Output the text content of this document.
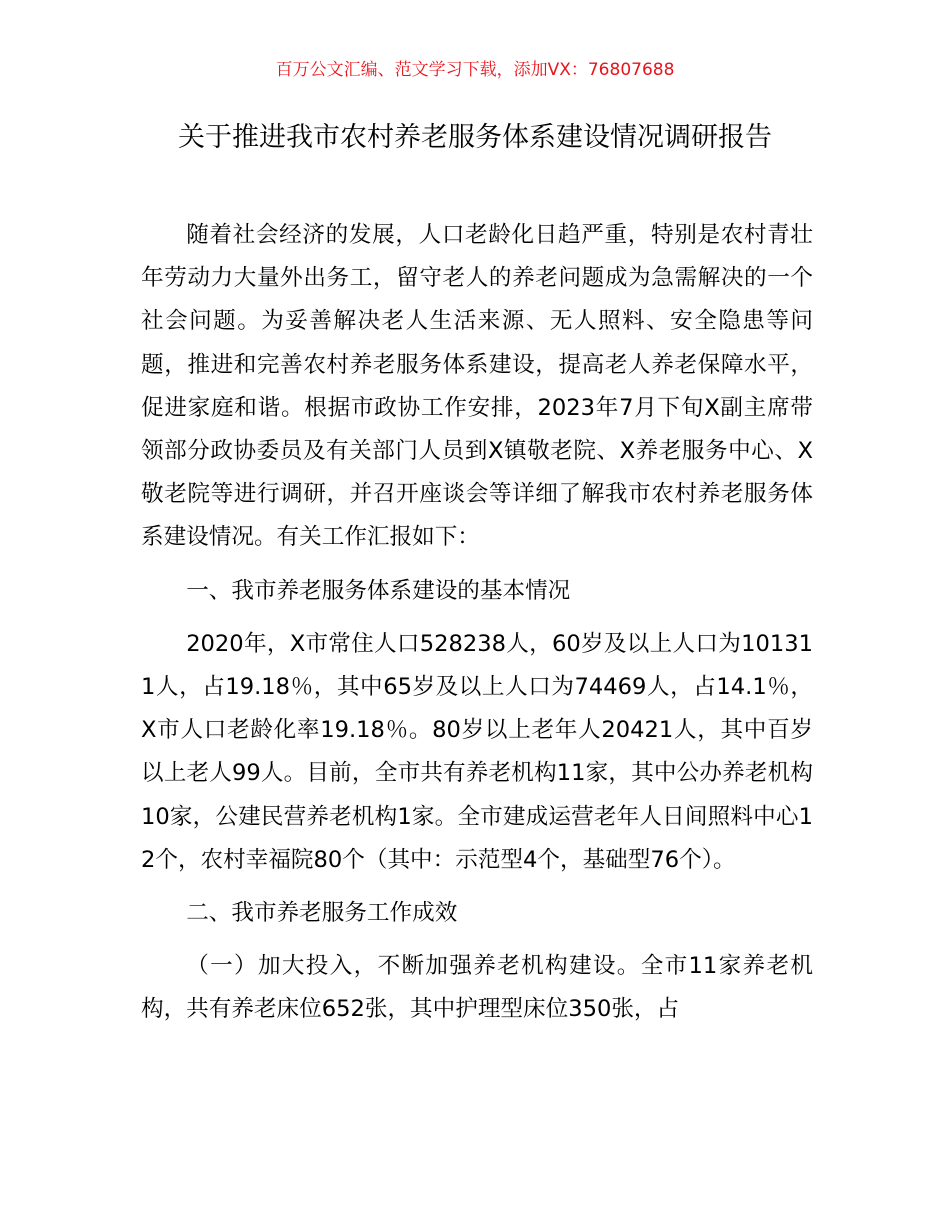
百万公文汇编、范文学习下载，添加VX：76807688
关于推进我市农村养老服务体系建设情况调研报告

随着社会经济的发展，人口老龄化日趋严重，特别是农村青壮年劳动力大量外出务工，留守老人的养老问题成为急需解决的一个社会问题。为妥善解决老人生活来源、无人照料、安全隐患等问题，推进和完善农村养老服务体系建设，提高老人养老保障水平，促进家庭和谐。根据市政协工作安排，2023年7月下旬X副主席带领部分政协委员及有关部门人员到X镇敬老院、X养老服务中心、X敬老院等进行调研，并召开座谈会等详细了解我市农村养老服务体系建设情况。有关工作汇报如下：

一、我市养老服务体系建设的基本情况

2020年，X市常住人口528238人，60岁及以上人口为101311人，占19.18％，其中65岁及以上人口为74469人，占14.1％，X市人口老龄化率19.18％。80岁以上老年人20421人，其中百岁以上老人99人。目前，全市共有养老机构11家，其中公办养老机构10家，公建民营养老机构1家。全市建成运营老年人日间照料中心12个，农村幸福院80个（其中：示范型4个，基础型76个）。

二、我市养老服务工作成效

（一）加大投入，不断加强养老机构建设。全市11家养老机构，共有养老床位652张，其中护理型床位350张，占
